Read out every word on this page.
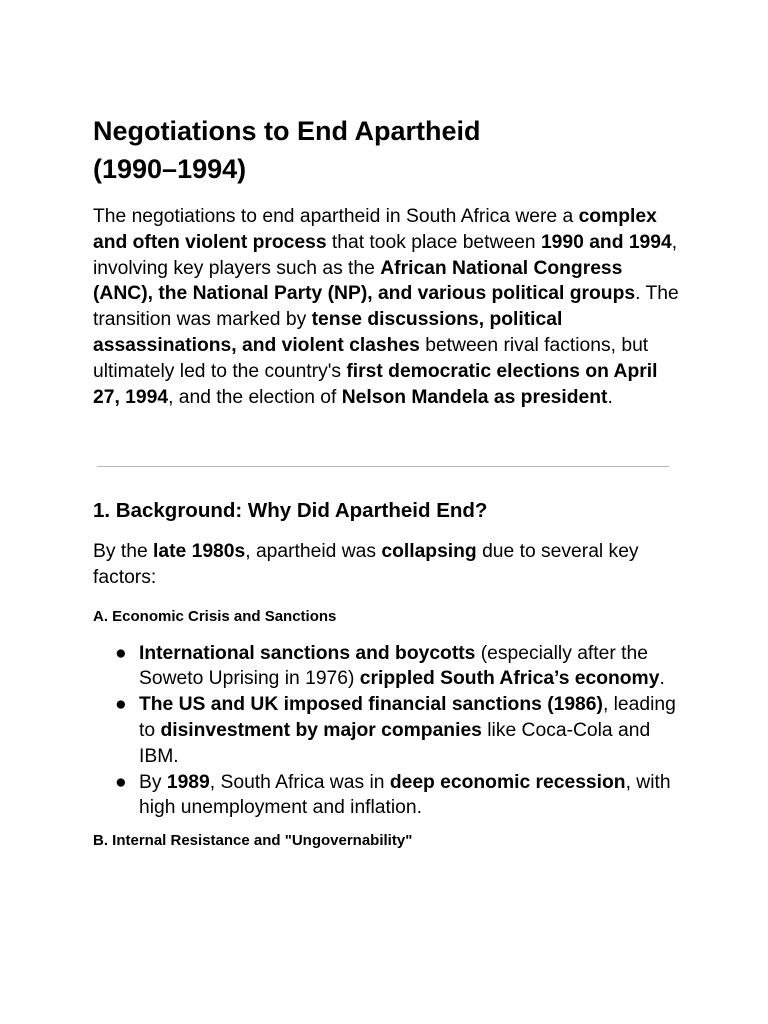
Negotiations to End Apartheid
(1990–1994)

The negotiations to end apartheid in South Africa were a complex and often violent process that took place between 1990 and 1994, involving key players such as the African National Congress (ANC), the National Party (NP), and various political groups. The transition was marked by tense discussions, political assassinations, and violent clashes between rival factions, but ultimately led to the country's first democratic elections on April 27, 1994, and the election of Nelson Mandela as president.

1. Background: Why Did Apartheid End?

By the late 1980s, apartheid was collapsing due to several key factors:

A. Economic Crisis and Sanctions
● International sanctions and boycotts (especially after the Soweto Uprising in 1976) crippled South Africa’s economy.
● The US and UK imposed financial sanctions (1986), leading to disinvestment by major companies like Coca-Cola and IBM.
● By 1989, South Africa was in deep economic recession, with high unemployment and inflation.
B. Internal Resistance and "Ungovernability"
